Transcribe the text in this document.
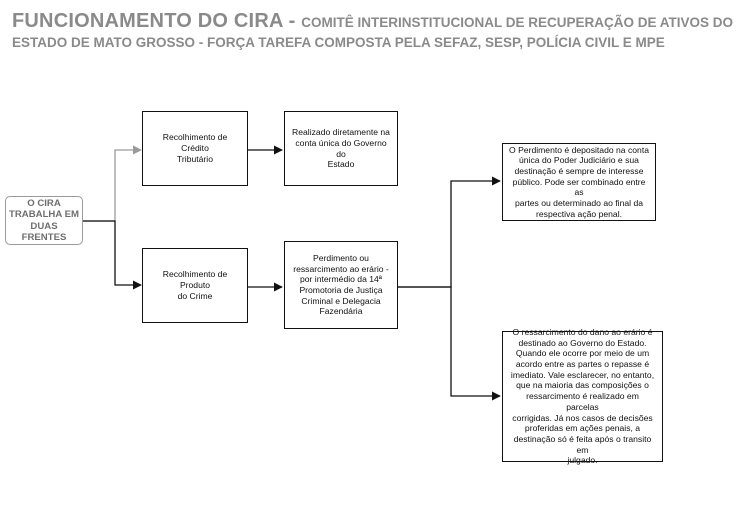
FUNCIONAMENTO DO CIRA - COMITÊ INTERINSTITUCIONAL DE RECUPERAÇÃO DE ATIVOS DO ESTADO DE MATO GROSSO - FORÇA TAREFA COMPOSTA PELA SEFAZ, SESP, POLÍCIA CIVIL E MPE
O CIRA
TRABALHA EM
DUAS FRENTES
Recolhimento de Crédito
Tributário
Realizado diretamente na
conta única do Governo do
Estado
Recolhimento de Produto
do Crime
Perdimento ou
ressarcimento ao erário -
por intermédio da 14ª
Promotoria de Justiça
Criminal e Delegacia
Fazendária
O Perdimento é depositado na conta
única do Poder Judiciário e sua
destinação é sempre de interesse
público. Pode ser combinado entre as
partes ou determinado ao final da
respectiva ação penal.
O ressarcimento do dano ao erário é
destinado ao Governo do Estado.
Quando ele ocorre por meio de um
acordo entre as partes o repasse é
imediato. Vale esclarecer, no entanto,
que na maioria das composições o
ressarcimento é realizado em parcelas
corrigidas. Já nos casos de decisões
proferidas em ações penais, a
destinação só é feita após o transito em
julgado.
